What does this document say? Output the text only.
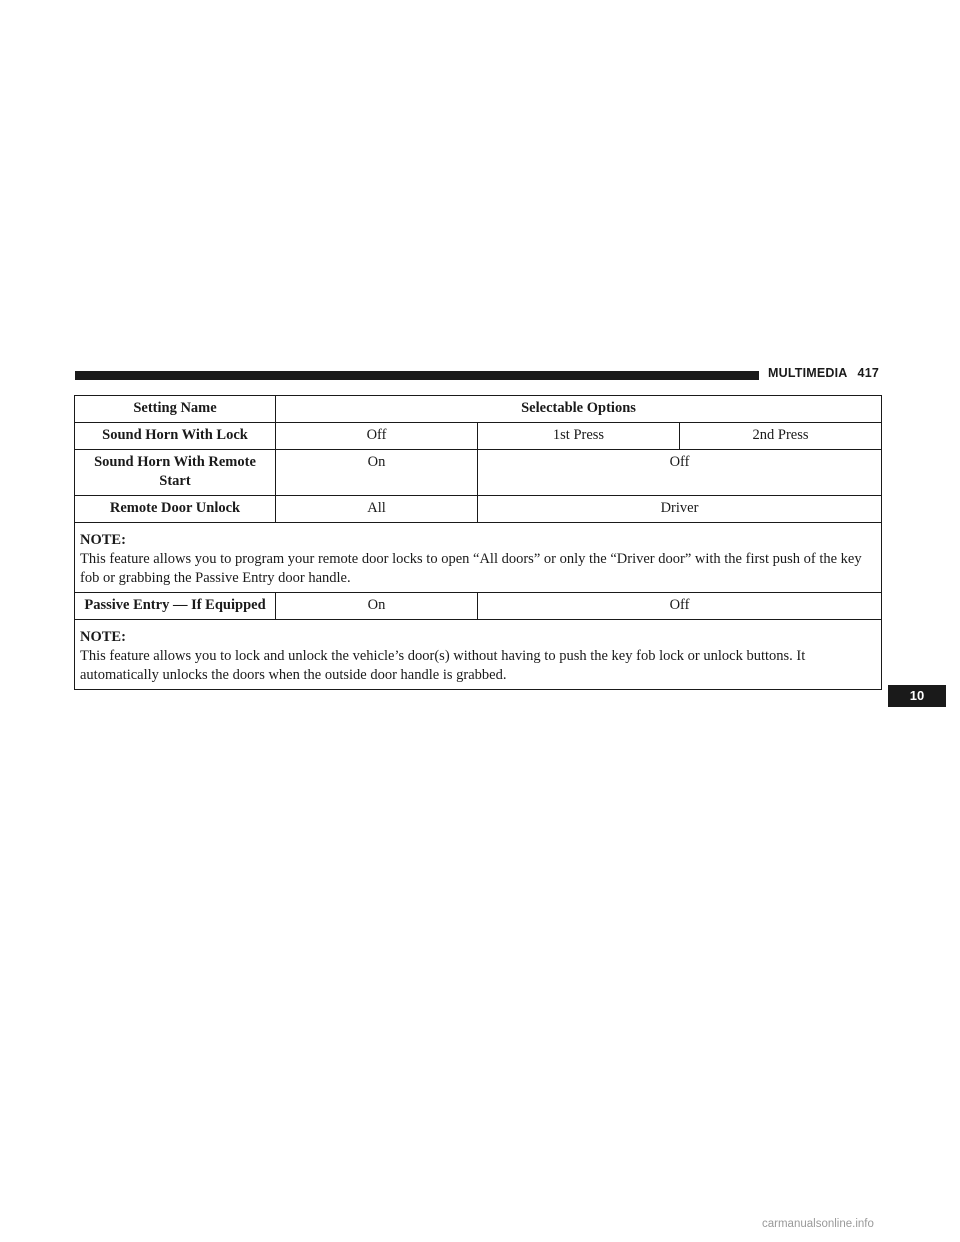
MULTIMEDIA 417
Setting Name	Selectable Options		
Sound Horn With Lock	Off	1st Press	2nd Press
Sound Horn With Remote Start	On	Off	
Remote Door Unlock	All	Driver	

NOTE:
This feature allows you to program your remote door locks to open “All doors” or only the “Driver door” with the first push of the key fob or grabbing the Passive Entry door handle.			
Passive Entry — If Equipped	On	Off	

NOTE:
This feature allows you to lock and unlock the vehicle’s door(s) without having to push the key fob lock or unlock buttons. It automatically unlocks the doors when the outside door handle is grabbed.			
10
carmanualsonline.info
